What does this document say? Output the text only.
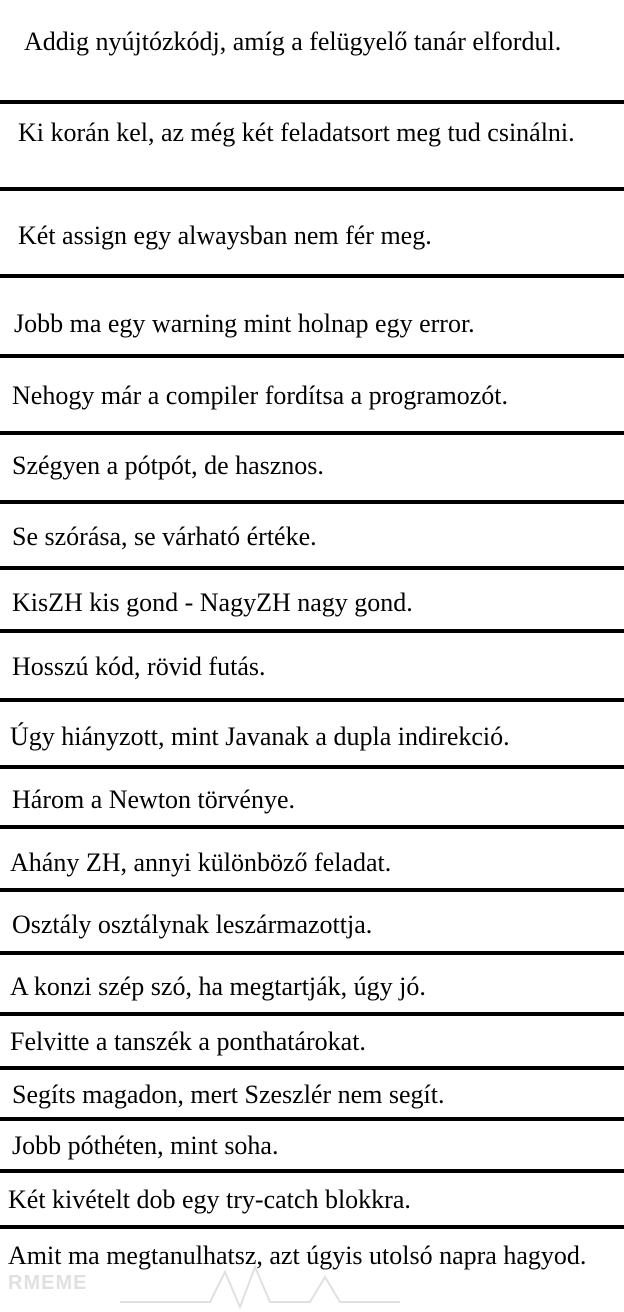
Addig nyújtózkódj, amíg a felügyelő tanár elfordul.
Ki korán kel, az még két feladatsort meg tud csinálni.
Két assign egy alwaysban nem fér meg.
Jobb ma egy warning mint holnap egy error.
Nehogy már a compiler fordítsa a programozót.
Szégyen a pótpót, de hasznos.
Se szórása, se várható értéke.
KisZH kis gond - NagyZH nagy gond.
Hosszú kód, rövid futás.
Úgy hiányzott, mint Javanak a dupla indirekció.
Három a Newton törvénye.
Ahány ZH, annyi különböző feladat.
Osztály osztálynak leszármazottja.
A konzi szép szó, ha megtartják, úgy jó.
Felvitte a tanszék a ponthatárokat.
Segíts magadon, mert Szeszlér nem segít.
Jobb póthéten, mint soha.
Két kivételt dob egy try-catch blokkra.
Amit ma megtanulhatsz, azt úgyis utolsó napra hagyod.
RMEME
